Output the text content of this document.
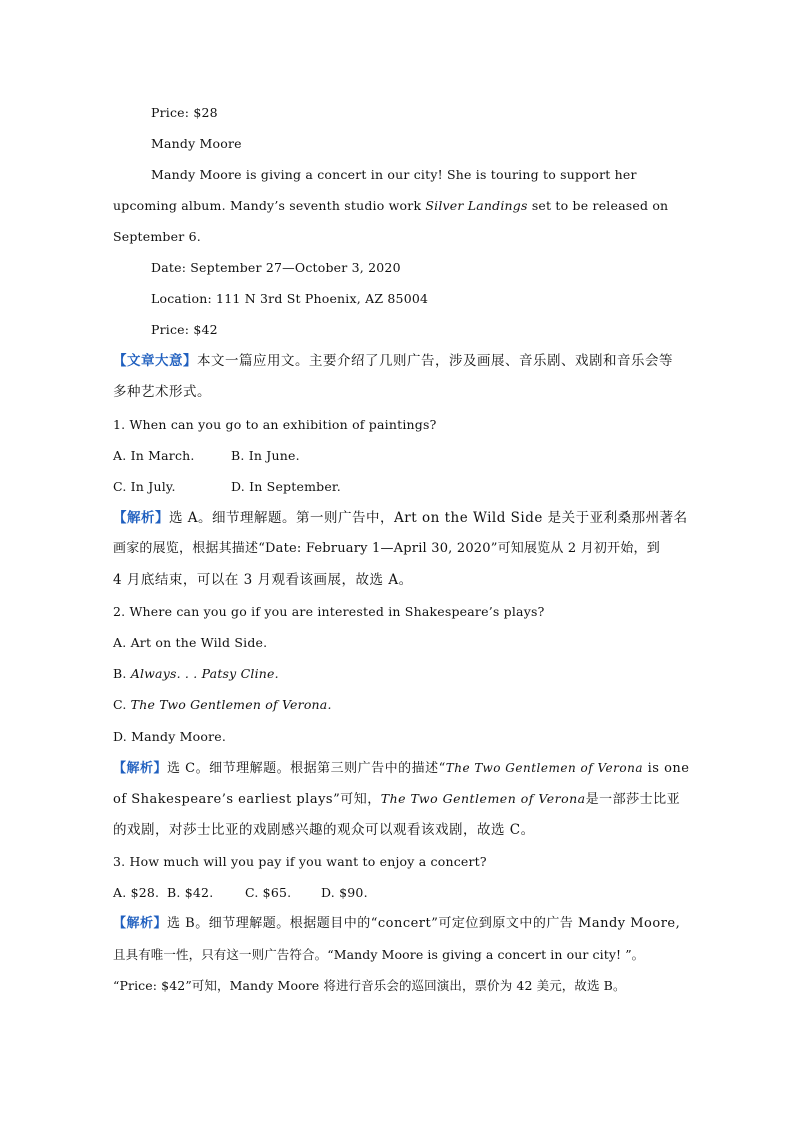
Price: $28
Mandy Moore
Mandy Moore is giving a concert in our city! She is touring to support her
upcoming album. Mandy’s seventh studio work Silver Landings set to be released on
September 6.
Date: September 27—October 3, 2020
Location: 111 N 3rd St Phoenix, AZ 85004
Price: $42
【文章大意】本文一篇应用文。主要介绍了几则广告，涉及画展、音乐剧、戏剧和音乐会等
多种艺术形式。
1. When can you go to an exhibition of paintings?
A. In March.	B. In June.
C. In July.	D. In September.
【解析】选 A。细节理解题。第一则广告中，Art on the Wild Side 是关于亚利桑那州著名
画家的展览，根据其描述“Date: February 1—April 30, 2020”可知展览从 2 月初开始，到
4 月底结束，可以在 3 月观看该画展，故选 A。
2. Where can you go if you are interested in Shakespeare’s plays?
A. Art on the Wild Side.
B. Always. . . Patsy Cline.
C. The Two Gentlemen of Verona.
D. Mandy Moore.
【解析】选 C。细节理解题。根据第三则广告中的描述“The Two Gentlemen of Verona is one
of Shakespeare’s earliest plays”可知，The Two Gentlemen of Verona是一部莎士比亚
的戏剧，对莎士比亚的戏剧感兴趣的观众可以观看该戏剧，故选 C。
3. How much will you pay if you want to enjoy a concert?
A. $28. B. $42.	C. $65. D. $90.
【解析】选 B。细节理解题。根据题目中的“concert”可定位到原文中的广告 Mandy Moore,
且具有唯一性，只有这一则广告符合。“Mandy Moore is giving a concert in our city! ”。
“Price: $42”可知，Mandy Moore 将进行音乐会的巡回演出，票价为 42 美元，故选 B。
